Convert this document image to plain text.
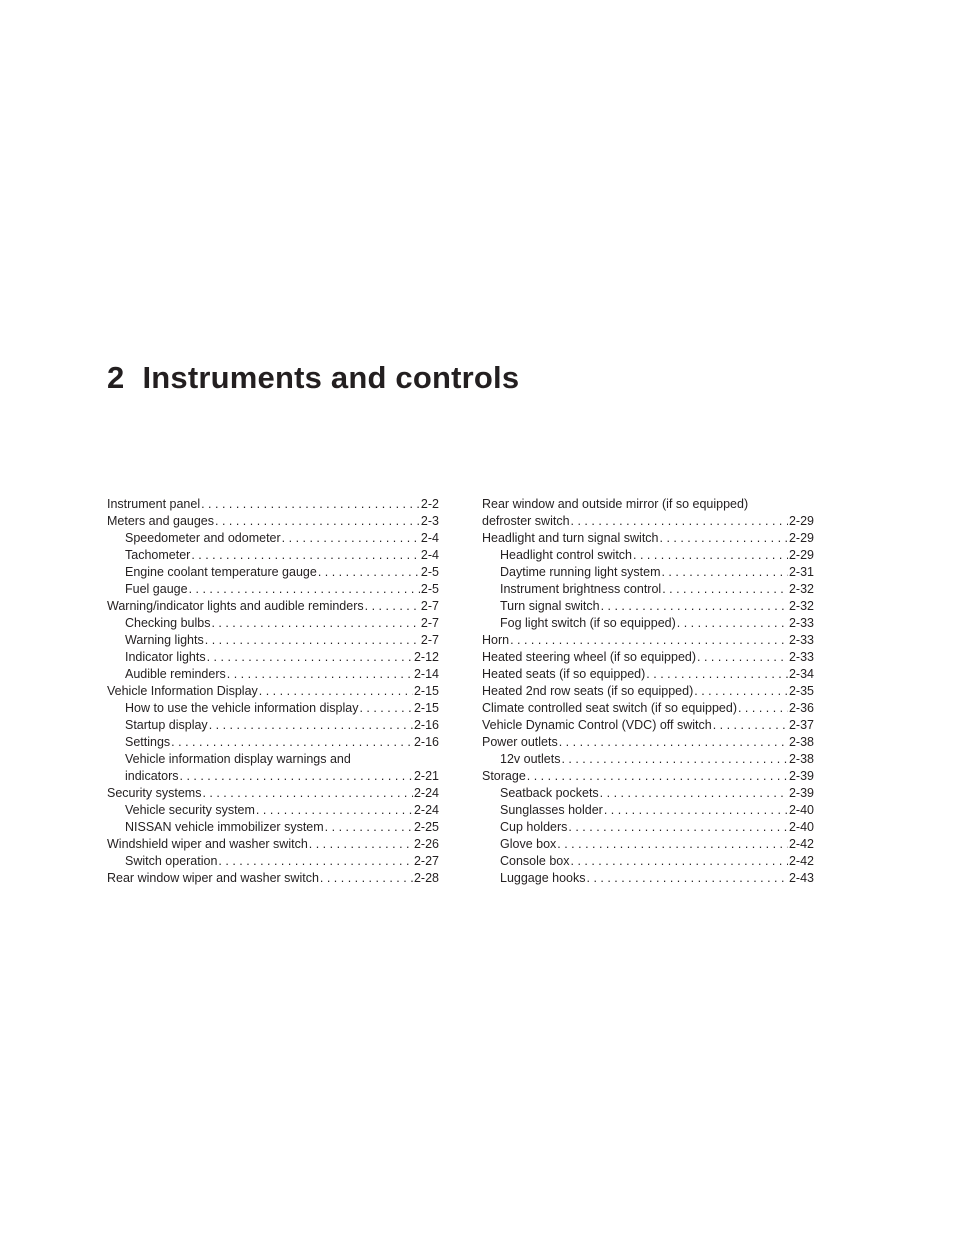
2 Instruments and controls
Instrument panel . . .	2-2
Meters and gauges . . .	2-3
Speedometer and odometer . . .	2-4
Tachometer . . .	2-4
Engine coolant temperature gauge . . .	2-5
Fuel gauge . . .	2-5
Warning/indicator lights and audible reminders . . .	2-7
Checking bulbs . . .	2-7
Warning lights . . .	2-7
Indicator lights . . .	2-12
Audible reminders . . .	2-14
Vehicle Information Display . . .	2-15
How to use the vehicle information display . . .	2-15
Startup display . . .	2-16
Settings . . .	2-16
Vehicle information display warnings and
indicators . . .	2-21
Security systems . . .	2-24
Vehicle security system . . .	2-24
NISSAN vehicle immobilizer system . . .	2-25
Windshield wiper and washer switch . . .	2-26
Switch operation . . .	2-27
Rear window wiper and washer switch . . .	2-28
Rear window and outside mirror (if so equipped)
defroster switch . . .	2-29
Headlight and turn signal switch . . .	2-29
Headlight control switch . . .	2-29
Daytime running light system . . .	2-31
Instrument brightness control . . .	2-32
Turn signal switch . . .	2-32
Fog light switch (if so equipped) . . .	2-33
Horn . . .	2-33
Heated steering wheel (if so equipped) . . .	2-33
Heated seats (if so equipped) . . .	2-34
Heated 2nd row seats (if so equipped) . . .	2-35
Climate controlled seat switch (if so equipped) . . .	2-36
Vehicle Dynamic Control (VDC) off switch . . .	2-37
Power outlets . . .	2-38
12v outlets . . .	2-38
Storage . . .	2-39
Seatback pockets . . .	2-39
Sunglasses holder . . .	2-40
Cup holders . . .	2-40
Glove box . . .	2-42
Console box . . .	2-42
Luggage hooks . . .	2-43
